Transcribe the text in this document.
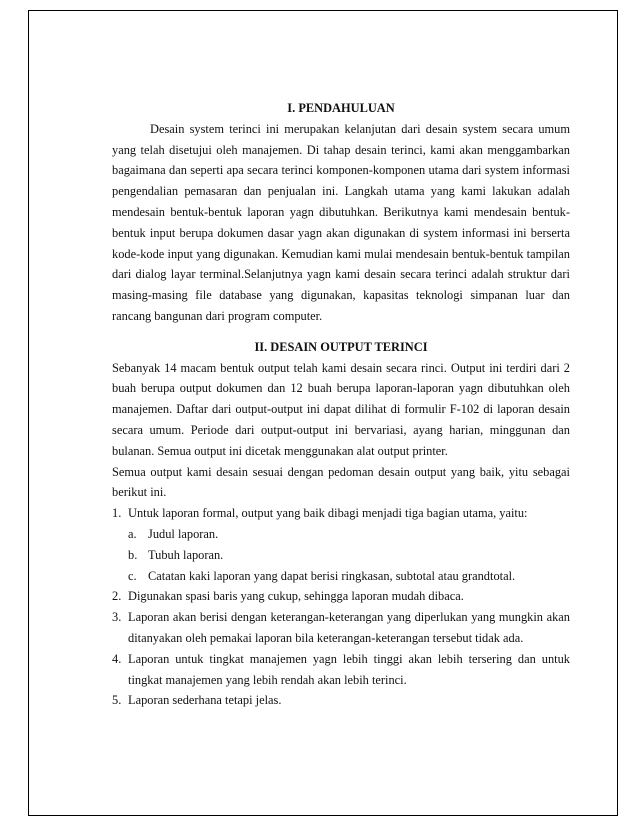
I. PENDAHULUAN

Desain system terinci ini merupakan kelanjutan dari desain system secara umum yang telah disetujui oleh manajemen. Di tahap desain terinci, kami akan menggambarkan bagaimana dan seperti apa secara terinci komponen-komponen utama dari system informasi pengendalian pemasaran dan penjualan ini. Langkah utama yang kami lakukan adalah mendesain bentuk-bentuk laporan yagn dibutuhkan. Berikutnya kami mendesain bentuk-bentuk input berupa dokumen dasar yagn akan digunakan di system informasi ini berserta kode-kode input yang digunakan. Kemudian kami mulai mendesain bentuk-bentuk tampilan dari dialog layar terminal.Selanjutnya yagn kami desain secara terinci adalah struktur dari masing-masing file database yang digunakan, kapasitas teknologi simpanan luar dan rancang bangunan dari program computer.

II. DESAIN OUTPUT TERINCI

Sebanyak 14 macam bentuk output telah kami desain secara rinci. Output ini terdiri dari 2 buah berupa output dokumen dan 12 buah berupa laporan-laporan yagn dibutuhkan oleh manajemen. Daftar dari output-output ini dapat dilihat di formulir F-102 di laporan desain secara umum. Periode dari output-output ini bervariasi, ayang harian, minggunan dan bulanan. Semua output ini dicetak menggunakan alat output printer.

Semua output kami desain sesuai dengan pedoman desain output yang baik, yitu sebagai berikut ini.

1. Untuk laporan formal, output yang baik dibagi menjadi tiga bagian utama, yaitu:
a. Judul laporan.
b. Tubuh laporan.
c. Catatan kaki laporan yang dapat berisi ringkasan, subtotal atau grandtotal.
2. Digunakan spasi baris yang cukup, sehingga laporan mudah dibaca.
3. Laporan akan berisi dengan keterangan-keterangan yang diperlukan yang mungkin akan ditanyakan oleh pemakai laporan bila keterangan-keterangan tersebut tidak ada.
4. Laporan untuk tingkat manajemen yagn lebih tinggi akan lebih tersering dan untuk tingkat manajemen yang lebih rendah akan lebih terinci.
5. Laporan sederhana tetapi jelas.
